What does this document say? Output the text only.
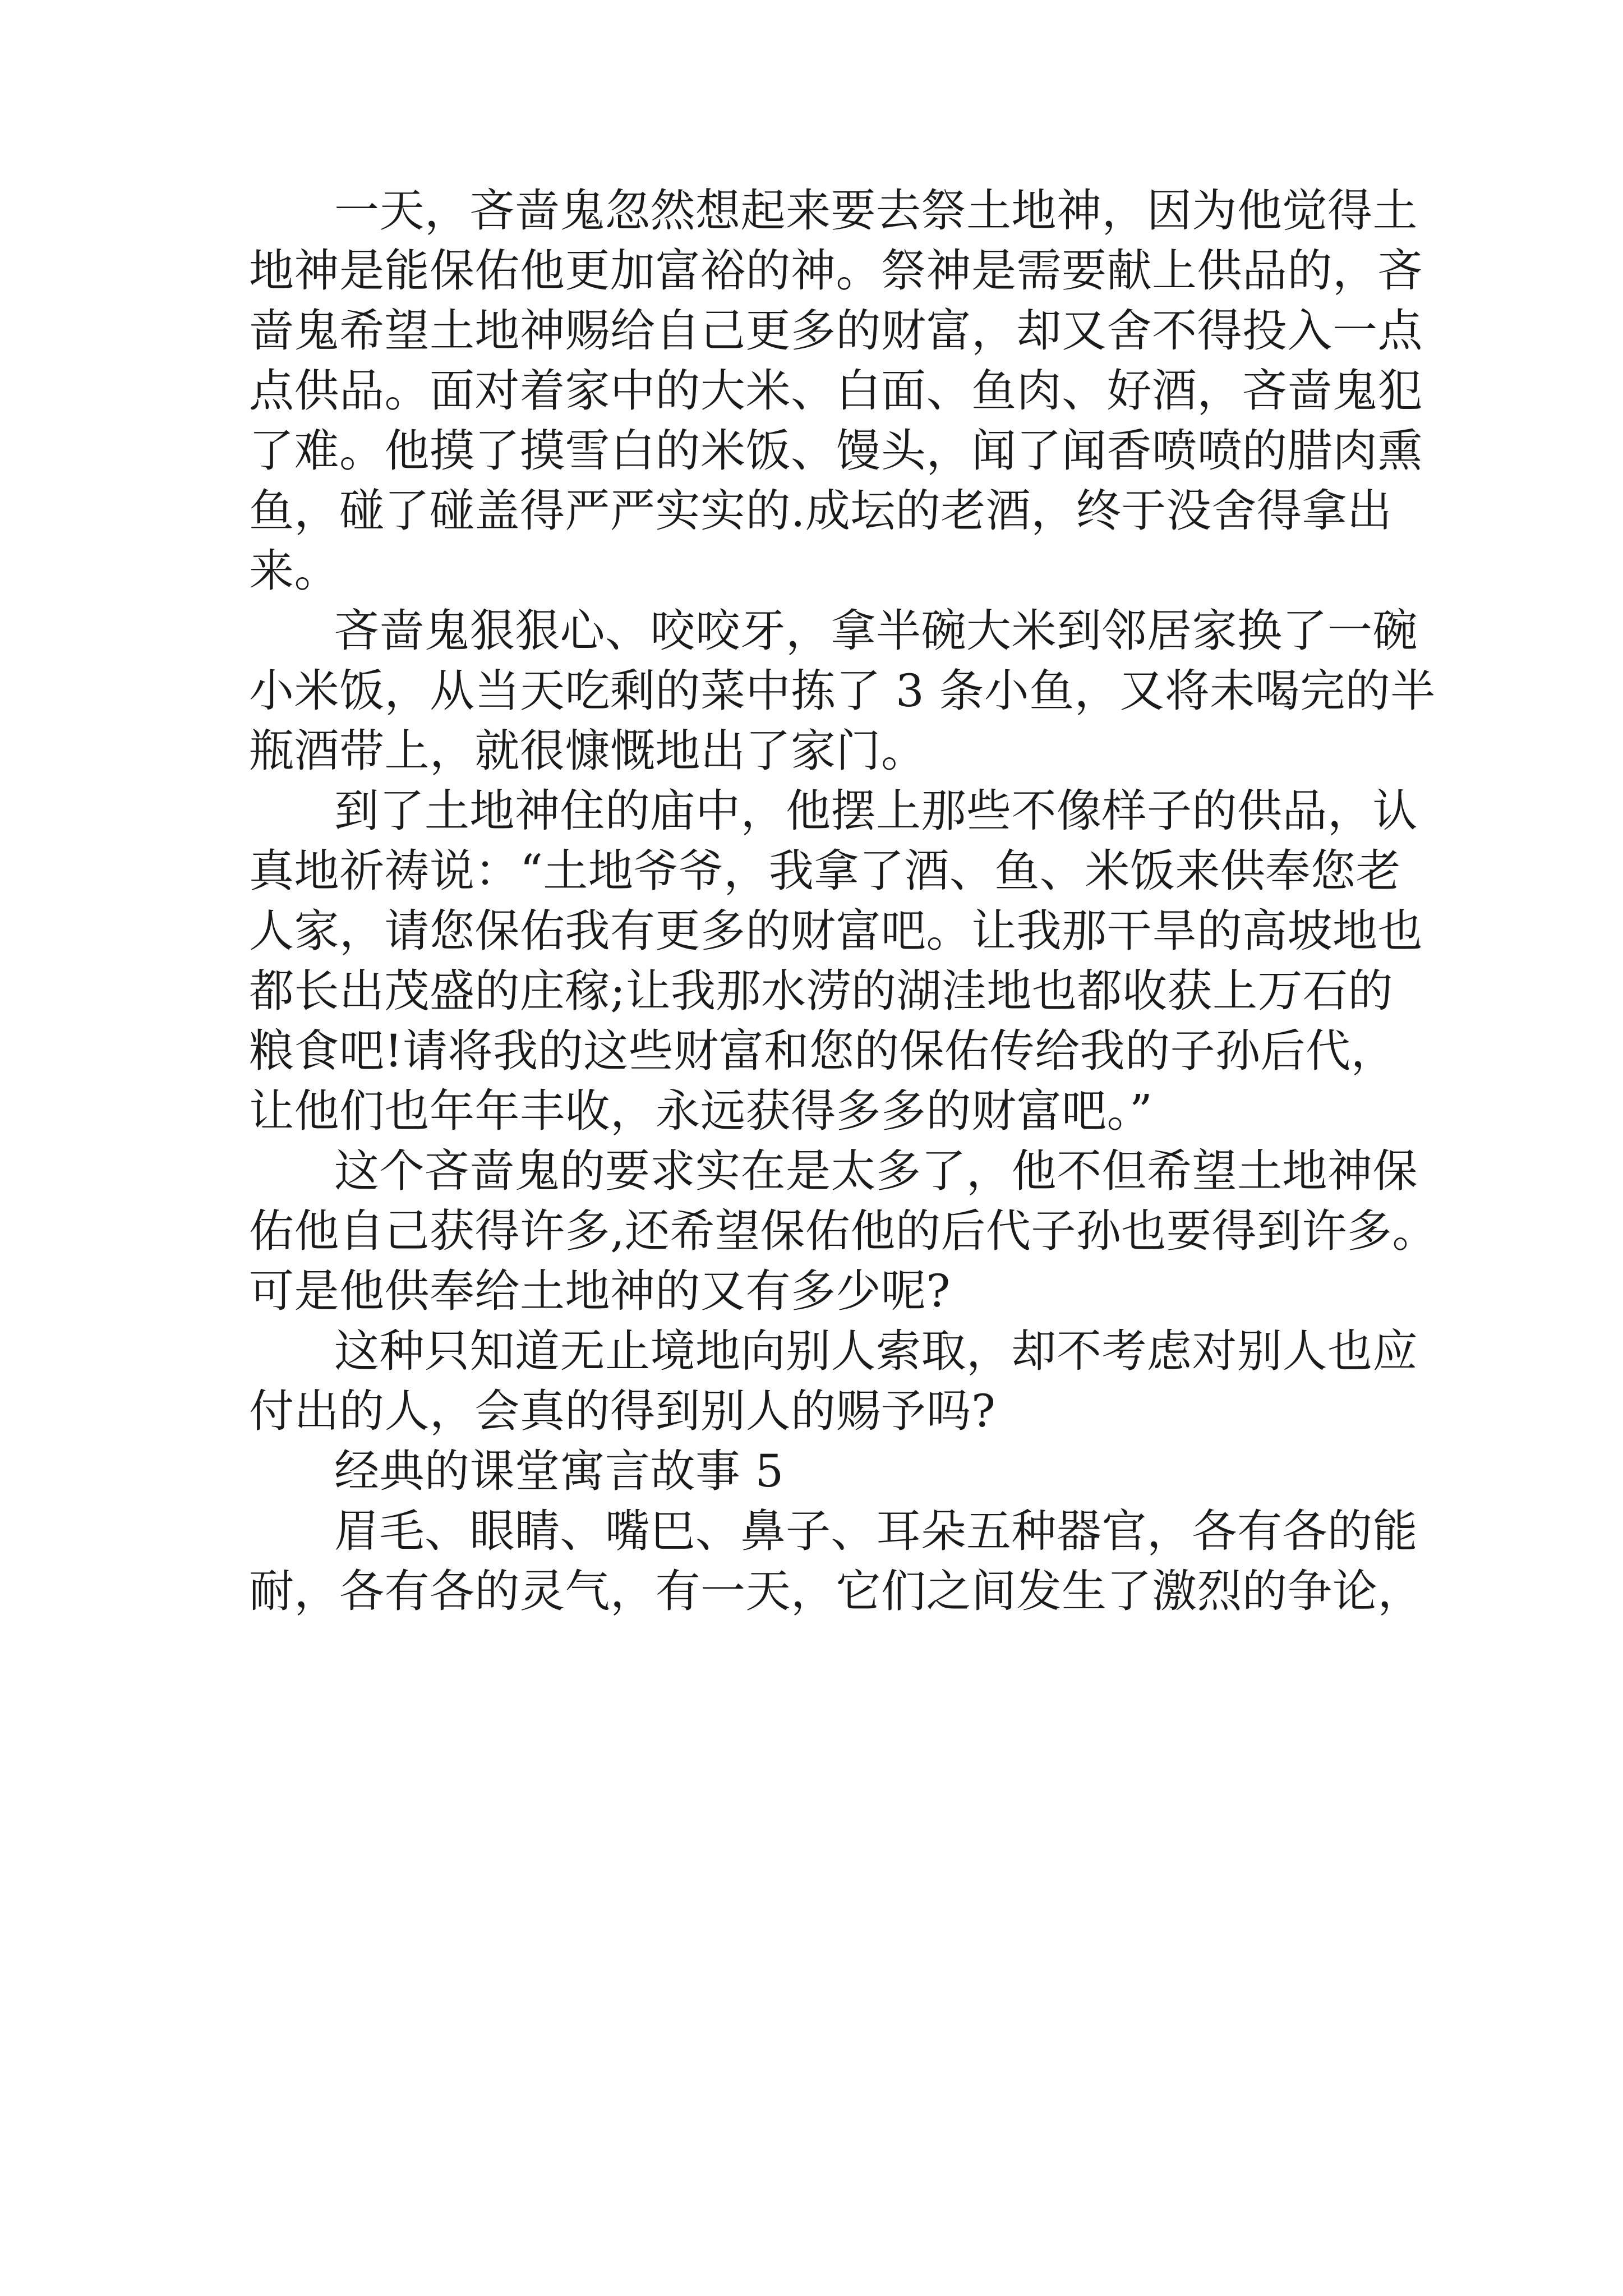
一天，吝啬鬼忽然想起来要去祭土地神，因为他觉得土
地神是能保佑他更加富裕的神。祭神是需要献上供品的，吝
啬鬼希望土地神赐给自己更多的财富，却又舍不得投入一点
点供品。面对着家中的大米、白面、鱼肉、好酒，吝啬鬼犯
了难。他摸了摸雪白的米饭、馒头，闻了闻香喷喷的腊肉熏
鱼，碰了碰盖得严严实实的.成坛的老酒，终于没舍得拿出
来。
吝啬鬼狠狠心、咬咬牙，拿半碗大米到邻居家换了一碗
小米饭，从当天吃剩的菜中拣了 3 条小鱼，又将未喝完的半
瓶酒带上，就很慷慨地出了家门。
到了土地神住的庙中，他摆上那些不像样子的供品，认
真地祈祷说：“土地爷爷，我拿了酒、鱼、米饭来供奉您老
人家，请您保佑我有更多的财富吧。让我那干旱的高坡地也
都长出茂盛的庄稼;让我那水涝的湖洼地也都收获上万石的
粮食吧!请将我的这些财富和您的保佑传给我的子孙后代，
让他们也年年丰收，永远获得多多的财富吧。”
这个吝啬鬼的要求实在是太多了，他不但希望土地神保
佑他自己获得许多,还希望保佑他的后代子孙也要得到许多。
可是他供奉给土地神的又有多少呢?
这种只知道无止境地向别人索取，却不考虑对别人也应
付出的人，会真的得到别人的赐予吗?
经典的课堂寓言故事 5
眉毛、眼睛、嘴巴、鼻子、耳朵五种器官，各有各的能
耐，各有各的灵气，有一天，它们之间发生了激烈的争论，
